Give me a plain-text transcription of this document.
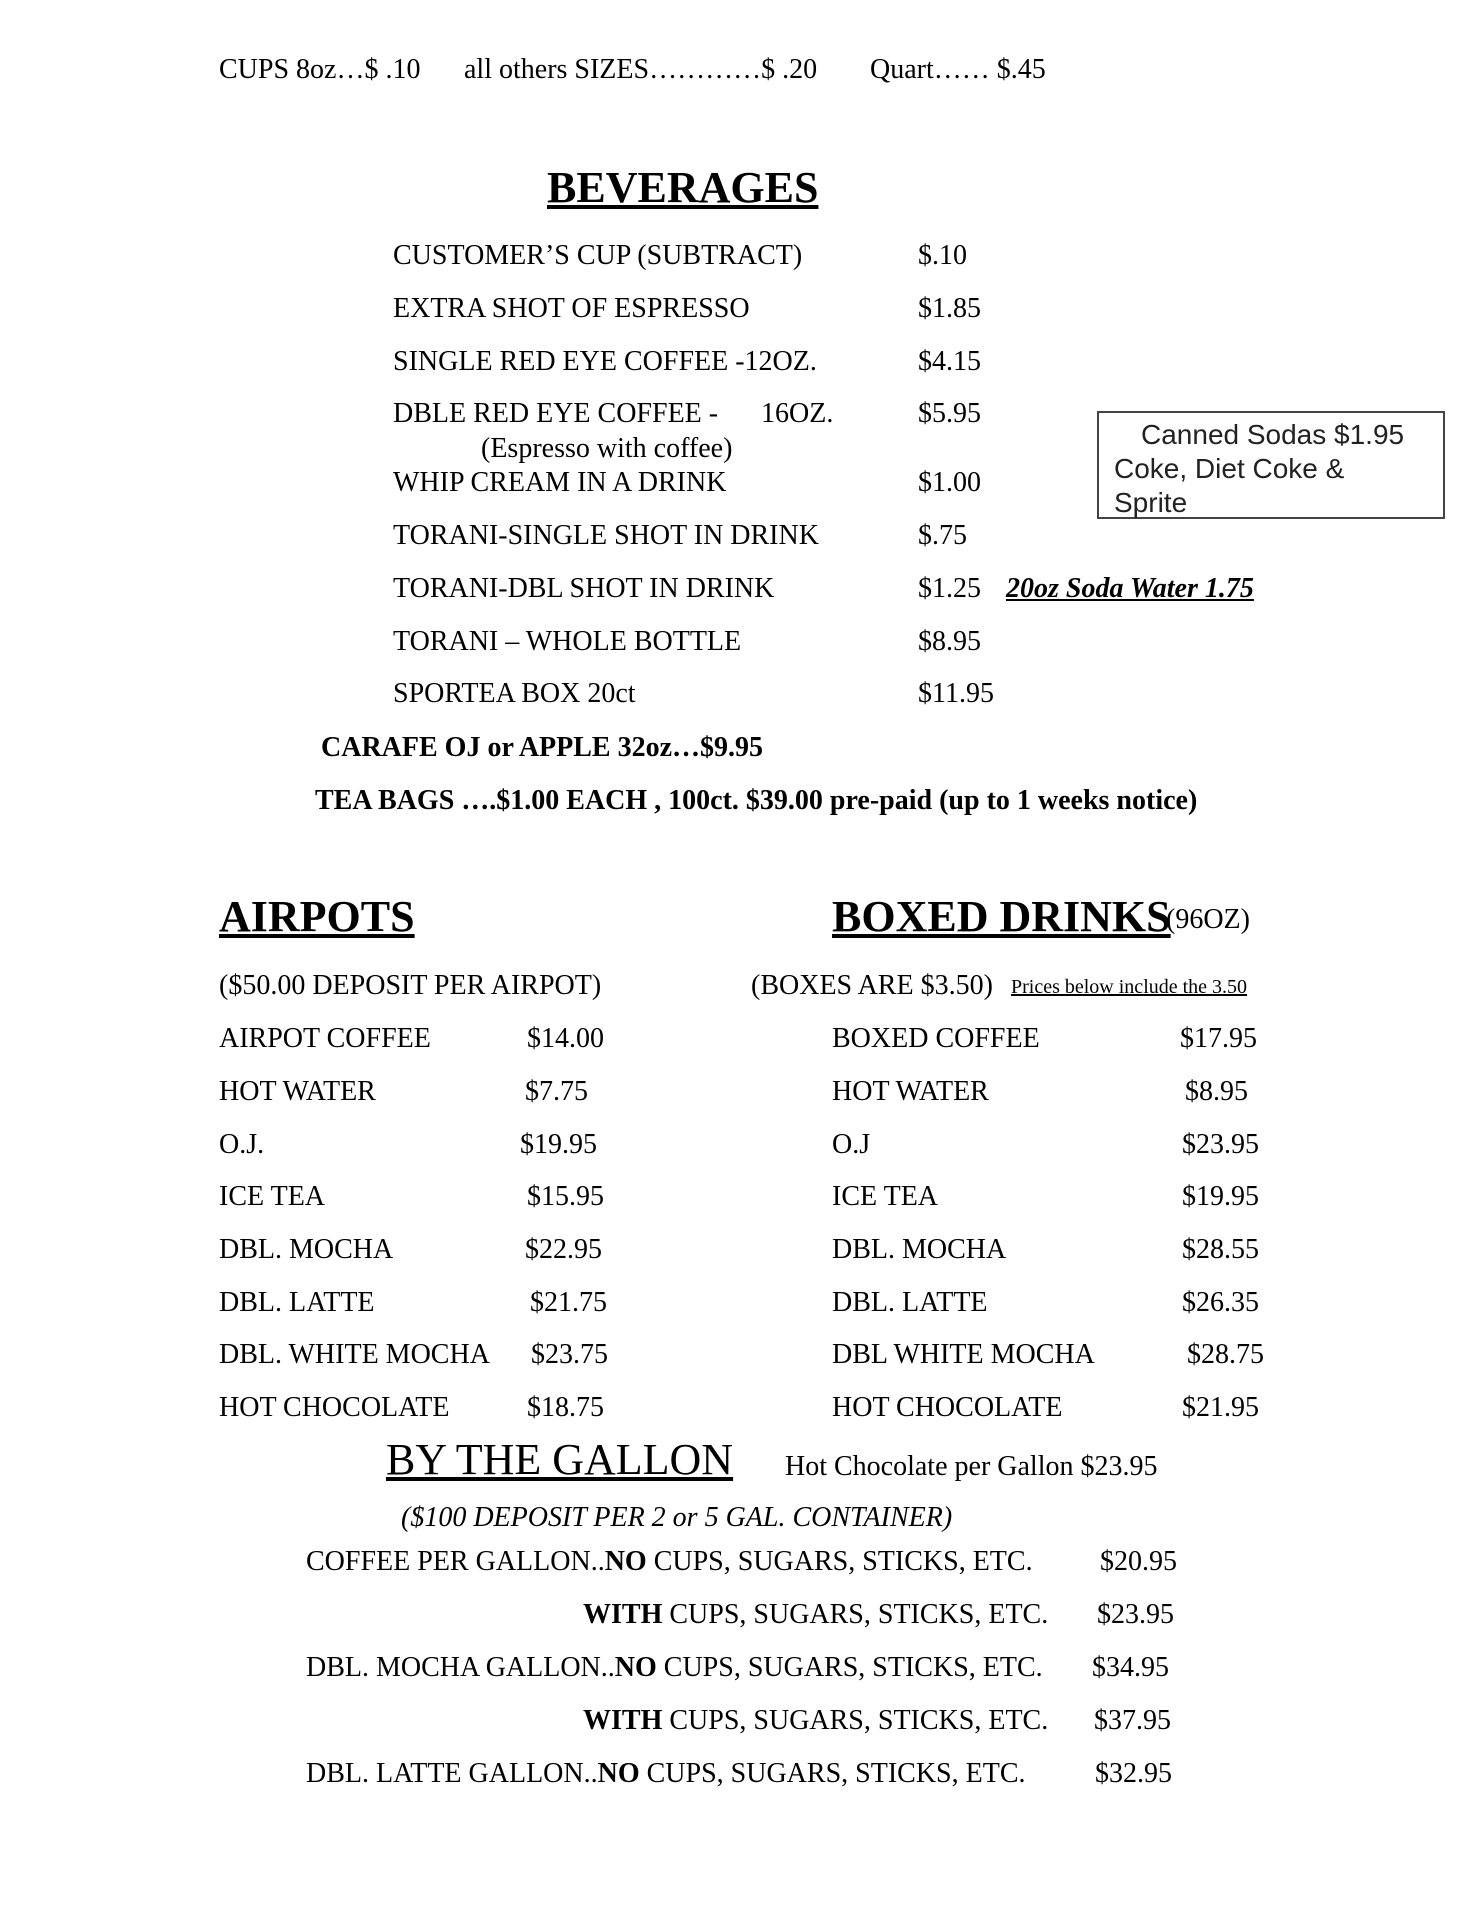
CUPS 8oz…$ .10 all others SIZES…………$ .20 Quart…… $.45
BEVERAGES
CUSTOMER’S CUP (SUBTRACT)	$.10
EXTRA SHOT OF ESPRESSO	$1.85
SINGLE RED EYE COFFEE -12OZ.	$4.15
DBLE RED EYE COFFEE - 16OZ.	$5.95
(Espresso with coffee)
WHIP CREAM IN A DRINK	$1.00
TORANI-SINGLE SHOT IN DRINK	$.75
TORANI-DBL SHOT IN DRINK	$1.25 20oz Soda Water 1.75
TORANI – WHOLE BOTTLE	$8.95
SPORTEA BOX 20ct	$11.95
Canned Sodas $1.95
Coke, Diet Coke &
Sprite
CARAFE OJ or APPLE 32oz…$9.95
TEA BAGS ….$1.00 EACH , 100ct. $39.00 pre-paid (up to 1 weeks notice)
AIRPOTS
($50.00 DEPOSIT PER AIRPOT)
AIRPOT COFFEE	$14.00
HOT WATER	$7.75
O.J.	$19.95
ICE TEA	$15.95
DBL. MOCHA	$22.95
DBL. LATTE	$21.75
DBL. WHITE MOCHA $23.75
HOT CHOCOLATE	$18.75
BOXED DRINKS
(96OZ)
(BOXES ARE $3.50) Prices below include the 3.50
BOXED COFFEE	$17.95
HOT WATER	$8.95
O.J	$23.95
ICE TEA	$19.95
DBL. MOCHA	$28.55
DBL. LATTE	$26.35
DBL WHITE MOCHA	$28.75
HOT CHOCOLATE	$21.95
BY THE GALLON Hot Chocolate per Gallon $23.95
($100 DEPOSIT PER 2 or 5 GAL. CONTAINER)
COFFEE PER GALLON..NO CUPS, SUGARS, STICKS, ETC. $20.95
WITH CUPS, SUGARS, STICKS, ETC. $23.95
DBL. MOCHA GALLON..NO CUPS, SUGARS, STICKS, ETC. $34.95
WITH CUPS, SUGARS, STICKS, ETC. $37.95
DBL. LATTE GALLON..NO CUPS, SUGARS, STICKS, ETC. $32.95
